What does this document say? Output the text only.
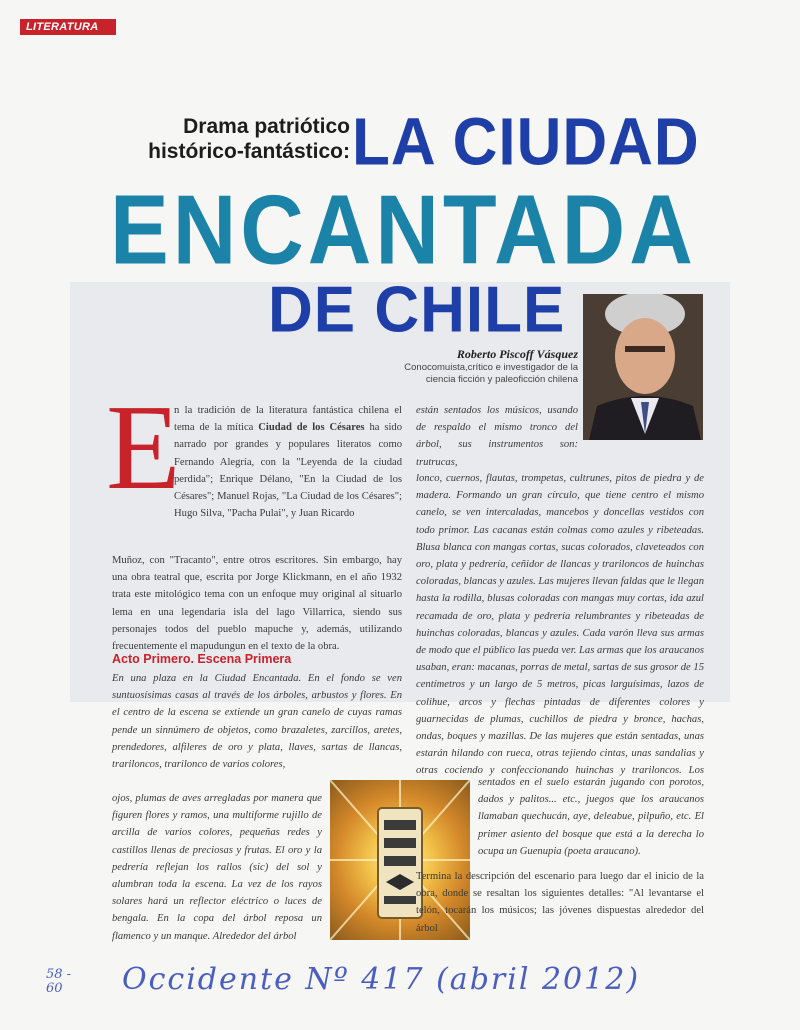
LITERATURA
Drama patriótico
histórico-fantástico: LA CIUDAD
ENCANTADA
DE CHILE
Roberto Piscoff Vásquez
Conocomuista,crítico e investigador de la
ciencia ficción y paleoficción chilena
E

n la tradición de la literatura fantástica chilena el tema de la mítica Ciudad de los Césares ha sido narrado por grandes y populares literatos como Fernando Alegría, con la "Leyenda de la ciudad perdida"; Enrique Délano, "En la Ciudad de los Césares"; Manuel Rojas, "La Ciudad de los Césares"; Hugo Silva, "Pacha Pulai", y Juan Ricardo

Muñoz, con "Tracanto", entre otros escritores. Sin embargo, hay una obra teatral que, escrita por Jorge Klickmann, en el año 1932 trata este mitológico tema con un enfoque muy original al situarlo lema en una legendaria isla del lago Villarrica, siendo sus personajes todos del pueblo mapuche y, además, utilizando frecuentemente el mapudungun en el texto de la obra.

Acto Primero. Escena Primera

En una plaza en la Ciudad Encantada. En el fondo se ven suntuosísimas casas al través de los árboles, arbustos y flores. En el centro de la escena se extiende un gran canelo de cuyas ramas pende un sinnúmero de objetos, como brazaletes, zarcillos, aretes, prendedores, alfileres de oro y plata, llaves, sartas de llancas, trariloncos, trarilonco de varios colores,

ojos, plumas de aves arregladas por manera que figuren flores y ramos, una multiforme rujillo de arcilla de varios colores, pequeñas redes y castillos llenas de preciosas y frutas. El oro y la pedrería reflejan los rallos (sic) del sol y alumbran toda la escena. La vez de los rayos solares hará un reflector eléctrico o luces de bengala. En la copa del árbol reposa un flamenco y un manque. Alrededor del árbol

están sentados los músicos, usando de respaldo el mismo tronco del árbol, sus instrumentos son: trutrucas,

lonco, cuernos, flautas, trompetas, cultrunes, pitos de piedra y de madera. Formando un gran círculo, que tiene centro el mismo canelo, se ven intercaladas, mancebos y doncellas vestidos con todo primor. Las cacanas están colmas como azules y ribeteadas. Blusa blanca con mangas cortas, sucas colorados, claveteados con oro, plata y pedrería, ceñidor de llancas y trariloncos de huinchas coloradas, blancas y azules. Las mujeres llevan faldas que le llegan hasta la rodilla, blusas coloradas con mangas muy cortas, ida azul recamada de oro, plata y pedrería relumbrantes y ribeteadas de huinchas coloradas, blancas y azules. Cada varón lleva sus armas de modo que el público las pueda ver. Las armas que los araucanos usaban, eran: macanas, porras de metal, sartas de sus grosor de 15 centímetros y un largo de 5 metros, picas larguísimas, lazos de colihue, arcos y flechas pintadas de diferentes colores y guarnecidas de plumas, cuchillos de piedra y bronce, hachas, ondas, boques y mazillas. De las mujeres que están sentadas, unas estarán hilando con rueca, otras tejiendo cintas, unas sandalias y otras cociendo y confeccionando huinchas y trariloncos. Los

sentados en el suelo estarán jugando con porotos, dados y palitos... etc., juegos que los araucanos llamaban quechucán, aye, deleabue, pilpuño, etc. El primer asiento del bosque que está a la derecha lo ocupa un Guenupia (poeta araucano).

Termina la descripción del escenario para luego dar el inicio de la obra, donde se resaltan los siguientes detalles: "Al levantarse el telón, tocarán los músicos; las jóvenes dispuestas alrededor del árbol

58 -
60 Occidente Nº 417 (abril 2012)
